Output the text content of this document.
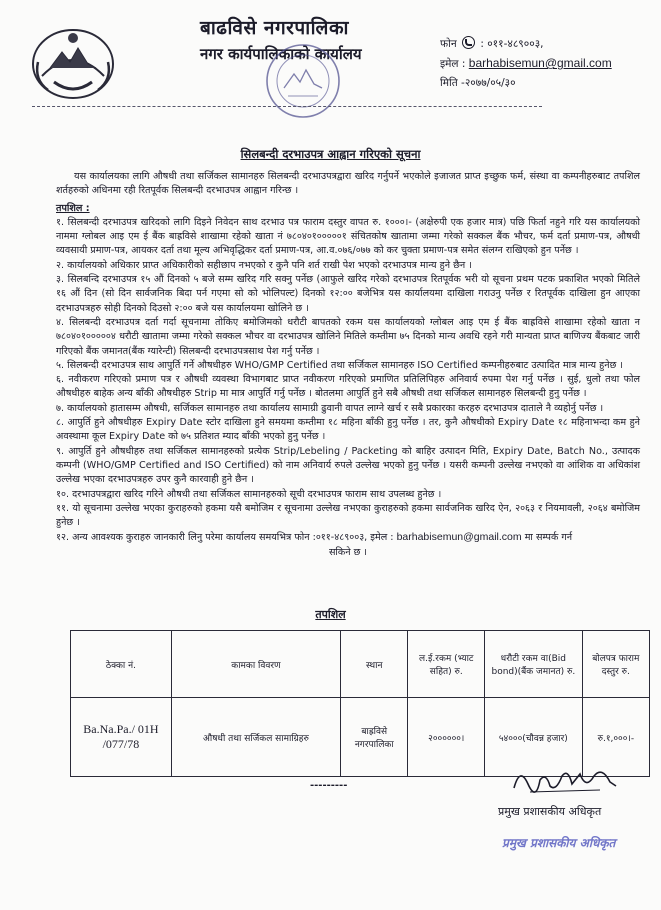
बाढविसे नगरपालिका
नगर कार्यपालिकाको कार्यालय
फोन : ०११-४८९००३,
इमेल : barhabisemun@gmail.com
मिति -२०७७/०५/३०
सिलबन्दी दरभाउपत्र आह्वान गरिएको सूचना

यस कार्यालयका लागि औषधी तथा सर्जिकल सामानहरु सिलबन्दी दरभाउपत्रद्वारा खरिद गर्नुपर्ने भएकोले इजाजत प्राप्त इच्छुक फर्म, संस्था वा कम्पनीहरुबाट तपशिल शर्तहरुको अधिनमा रही रितपूर्वक सिलबन्दी दरभाउपत्र आह्वान गरिन्छ ।

तपशिल :

१. सिलबन्दी दरभाउपत्र खरिदको लागि दिइने निवेदन साथ दरभाउ पत्र फाराम दस्तुर वापत रु. १०००।- (अक्षेरुपी एक हजार मात्र) पछि फिर्ता नहुने गरि यस कार्यालयको नाममा ग्लोबल आइ एम ई बैंक बाह्रविसे शाखामा रहेको खाता नं ७८०४०१०००००१ संचितकोष खातामा जम्मा गरेको सक्कल बैंक भौचर, फर्म दर्ता प्रमाण-पत्र, औषधी व्यवसायी प्रमाण-पत्र, आयकर दर्ता तथा मूल्य अभिवृद्धिकर दर्ता प्रमाण-पत्र, आ.व.०७६/०७७ को कर चुक्ता प्रमाण-पत्र समेत संलग्न राखिएको हुन पर्नेछ ।
२. कार्यालयको अधिकार प्राप्त अधिकारीको सहीछाप नभएको र कुनै पनि शर्त राखी पेश भएको दरभाउपत्र मान्य हुने छैन ।
३. सिलबन्दि दरभाउपत्र १५ औं दिनको ५ बजे सम्म खरिद गरि सक्नु पर्नेछ (आफुले खरिद गरेको दरभाउपत्र रितपूर्वक भरी यो सूचना प्रथम पटक प्रकाशित भएको मितिले १६ औं दिन (सो दिन सार्वजनिक बिदा पर्न गएमा सो को भोलिपल्ट) दिनको १२:०० बजेभित्र यस कार्यालयमा दाखिला गराउनु पर्नेछ र रितपूर्वक दाखिला हुन आएका दरभाउपत्रहरु सोही दिनको दिउसो २:०० बजे यस कार्यालयमा खोलिने छ ।
४. सिलबन्दी दरभाउपत्र दर्ता गर्दा सूचनामा तोकिए बमोजिमको धरौटी बापतको रकम यस कार्यालयको ग्लोबल आइ एम ई बैंक बाह्रविसे शाखामा रहेको खाता न ७८०४०१०००००४ धरौटी खातामा जम्मा गरेको सक्कल भौचर वा दरभाउपत्र खोलिने मितिले कम्तीमा ७५ दिनको मान्य अवधि रहने गरी मान्यता प्राप्त बाणिज्य बैंकबाट जारी गरिएको बैंक जमानत(बैंक ग्यारेन्टी) सिलबन्दी दरभाउपत्रसाथ पेश गर्नु पर्नेछ ।
५. सिलबन्दी दरभाउपत्र साथ आपुर्ति गर्ने औषधीहरु WHO/GMP Certified तथा सर्जिकल सामानहरु ISO Certified कम्पनीहरुबाट उत्पादित मात्र मान्य हुनेछ ।
६. नवीकरण गरिएको प्रमाण पत्र र औषधी व्यवस्था विभागबाट प्राप्त नवीकरण गरिएको प्रमाणित प्रतिलिपिहरु अनिवार्य रुपमा पेश गर्नु पर्नेछ । सुई, धुलो तथा फोल औषधीहरु बाहेक अन्य बाँकी औषधीहरु Strip मा मात्र आपुर्ति गर्नु पर्नेछ । बोतलमा आपुर्ति हुने सबै औषधी तथा सर्जिकल सामानहरु सिलबन्दी हुनु पर्नेछ ।
७. कार्यालयको हातासम्म औषधी, सर्जिकल सामानहरु तथा कार्यालय सामाग्री ढुवानी वापत लाग्ने खर्च र सबै प्रकारका करहरु दरभाउपत्र दाताले नै व्यहोर्नु पर्नेछ ।
८. आपुर्ति हुने औषधीहरु Expiry Date स्टोर दाखिला हुने समयमा कम्तीमा १८ महिना बाँकी हुनु पर्नेछ । तर, कुनै औषधीको Expiry Date १८ महिनाभन्दा कम हुने अवस्थामा कूल Expiry Date को ७५ प्रतिशत म्याद बाँकी भएको हुनु पर्नेछ ।
९. आपुर्ति हुने औषधीहरु तथा सर्जिकल सामानहरुको प्रत्येक Strip/Lebeling / Packeting को बाहिर उत्पादन मिति, Expiry Date, Batch No., उत्पादक कम्पनी (WHO/GMP Certified and ISO Certified) को नाम अनिवार्य रुपले उल्लेख भएको हुनु पर्नेछ । यसरी कम्पनी उल्लेख नभएको वा आंशिक वा अधिकांश उल्लेख भएका दरभाउपत्रहरु उपर कुनै कारवाही हुने छैन ।
१०. दरभाउपत्रद्वारा खरिद गरिने औषधी तथा सर्जिकल सामानहरुको सूची दरभाउपत्र फाराम साथ उपलब्ध हुनेछ ।
११. यो सूचनामा उल्लेख भएका कुराहरुको हकमा यसै बमोजिम र सूचनामा उल्लेख नभएका कुराहरुको हकमा सार्वजनिक खरिद ऐन, २०६३ र नियमावली, २०६४ बमोजिम हुनेछ ।
१२. अन्य आवश्यक कुराहरु जानकारी लिनु परेमा कार्यालय समयभित्र फोन :०११-४८९००३, इमेल : barhabisemun@gmail.com मा सम्पर्क गर्न

सकिने छ ।

तपशिल
ठेक्का नं.	कामका विवरण	स्थान	ल.ई.रकम (भ्याट सहित) रु.	धरौटी रकम वा(Bid bond)(बैंक जमानत) रु.	बोलपत्र फाराम दस्तुर रु.
Ba.Na.Pa./ 01H /077/78	औषधी तथा सर्जिकल सामाग्रिहरु	बाह्रविसे नगरपालिका	२००००००।	५४०००(चौवन्न हजार)	रु.१,०००।-
---------
प्रमुख प्रशासकीय अधिकृत
प्रमुख प्रशासकीय अधिकृत
